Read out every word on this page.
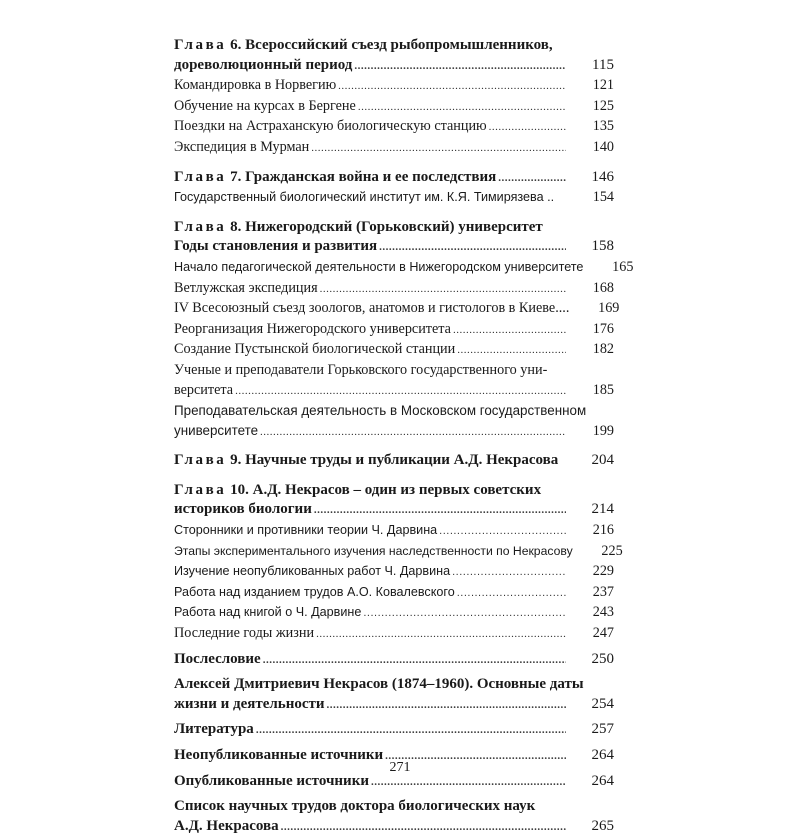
Глава 6. Всероссийский съезд рыбопромышленников,
дореволюционный период .....	115
Командировка в Норвегию .....	121
Обучение на курсах в Бергене .....	125
Поездки на Астраханскую биологическую станцию .....	135
Экспедиция в Мурман .....	140
Глава 7. Гражданская война и ее последствия .....	146
Государственный биологический институт им. К.Я. Тимирязева ..	154
Глава 8. Нижегородский (Горьковский) университет
Годы становления и развития .....	158
Начало педагогической деятельности в Нижегородском университете	165
Ветлужская экспедиция .....	168
IV Всесоюзный съезд зоологов, анатомов и гистологов в Киеве....	169
Реорганизация Нижегородского университета .....	176
Создание Пустынской биологической станции .....	182
Ученые и преподаватели Горьковского государственного уни-
верситета .....	185
Преподавательская деятельность в Московском государственном
университете .....	199
Глава 9. Научные труды и публикации А.Д. Некрасова	204
Глава 10. А.Д. Некрасов – один из первых советских
историков биологии .....	214
Сторонники и противники теории Ч. Дарвина .....	216
Этапы экспериментального изучения наследственности по Некрасову	225
Изучение неопубликованных работ Ч. Дарвина .....	229
Работа над изданием трудов А.О. Ковалевского .....	237
Работа над книгой о Ч. Дарвине .....	243
Последние годы жизни .....	247
Послесловие .....	250
Алексей Дмитриевич Некрасов (1874–1960). Основные даты
жизни и деятельности .....	254
Литература .....	257
Неопубликованные источники .....	264
Опубликованные источники .....	264
Список научных трудов доктора биологических наук
А.Д. Некрасова .....	265
271
